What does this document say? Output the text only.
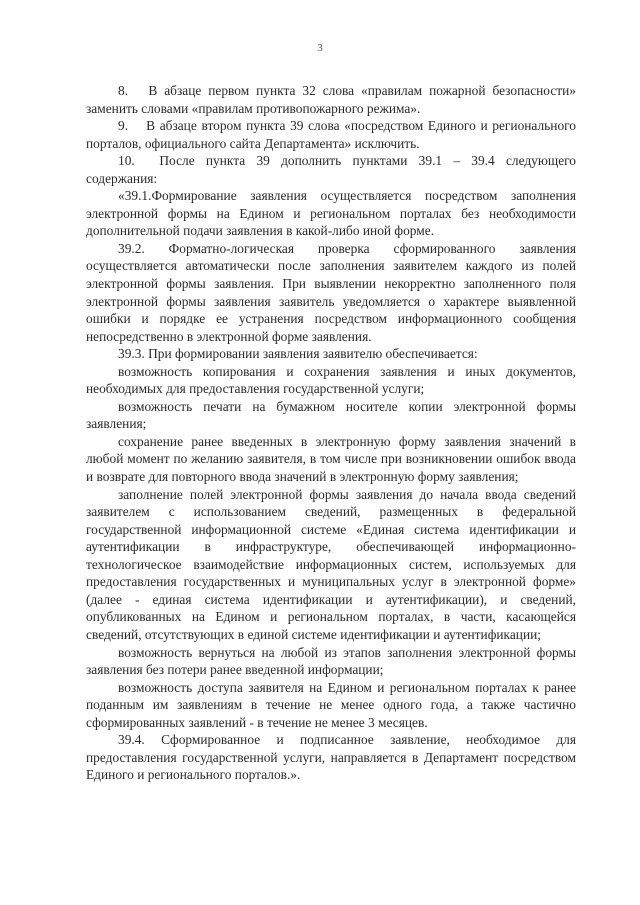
3

8.  В абзаце первом пункта 32 слова «правилам пожарной безопасности» заменить словами «правилам противопожарного режима».

9.  В абзаце втором пункта 39 слова «посредством Единого и регионального порталов, официального сайта Департамента» исключить.

10.  После пункта 39 дополнить пунктами 39.1 – 39.4 следующего содержания:

«39.1.Формирование заявления осуществляется посредством заполнения электронной формы на Едином и региональном порталах без необходимости дополнительной подачи заявления в какой-либо иной форме.

39.2. Форматно-логическая проверка сформированного заявления осуществляется автоматически после заполнения заявителем каждого из полей электронной формы заявления. При выявлении некорректно заполненного поля электронной формы заявления заявитель уведомляется о характере выявленной ошибки и порядке ее устранения посредством информационного сообщения непосредственно в электронной форме заявления.

39.3. При формировании заявления заявителю обеспечивается:

возможность копирования и сохранения заявления и иных документов, необходимых для предоставления государственной услуги;

возможность печати на бумажном носителе копии электронной формы заявления;

сохранение ранее введенных в электронную форму заявления значений в любой момент по желанию заявителя, в том числе при возникновении ошибок ввода и возврате для повторного ввода значений в электронную форму заявления;

заполнение полей электронной формы заявления до начала ввода сведений заявителем с использованием сведений, размещенных в федеральной государственной информационной системе «Единая система идентификации и аутентификации в инфраструктуре, обеспечивающей информационно-технологическое взаимодействие информационных систем, используемых для предоставления государственных и муниципальных услуг в электронной форме» (далее - единая система идентификации и аутентификации), и сведений, опубликованных на Едином и региональном порталах, в части, касающейся сведений, отсутствующих в единой системе идентификации и аутентификации;

возможность вернуться на любой из этапов заполнения электронной формы заявления без потери ранее введенной информации;

возможность доступа заявителя на Едином и региональном порталах к ранее поданным им заявлениям в течение не менее одного года, а также частично сформированных заявлений - в течение не менее 3 месяцев.

39.4. Сформированное и подписанное заявление, необходимое для предоставления государственной услуги, направляется в Департамент посредством Единого и регионального порталов.».
